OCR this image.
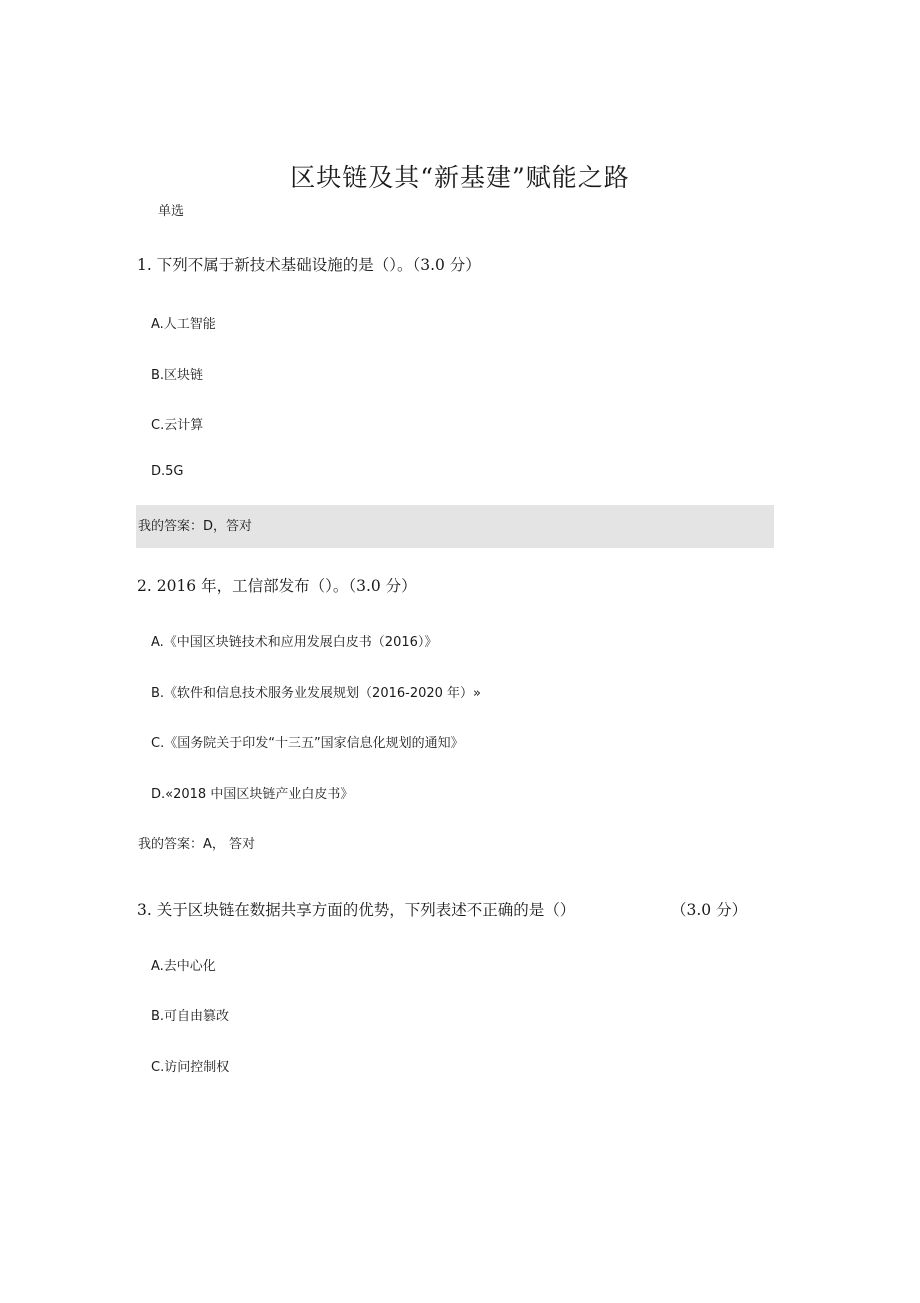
区块链及其“新基建”赋能之路
单选
1. 下列不属于新技术基础设施的是（）。（3.0 分）
A.人工智能
B.区块链
C.云计算
D.5G
我的答案：D，答对
2. 2016 年，工信部发布（）。（3.0 分）
A.《中国区块链技术和应用发展白皮书（2016）》
B.《软件和信息技术服务业发展规划（2016-2020 年）»
C.《国务院关于印发“十三五”国家信息化规划的通知》
D.«2018 中国区块链产业白皮书》
我的答案：A， 答对
3. 关于区块链在数据共享方面的优势，下列表述不正确的是（）	（3.0 分）
A.去中心化
B.可自由篡改
C.访问控制权
